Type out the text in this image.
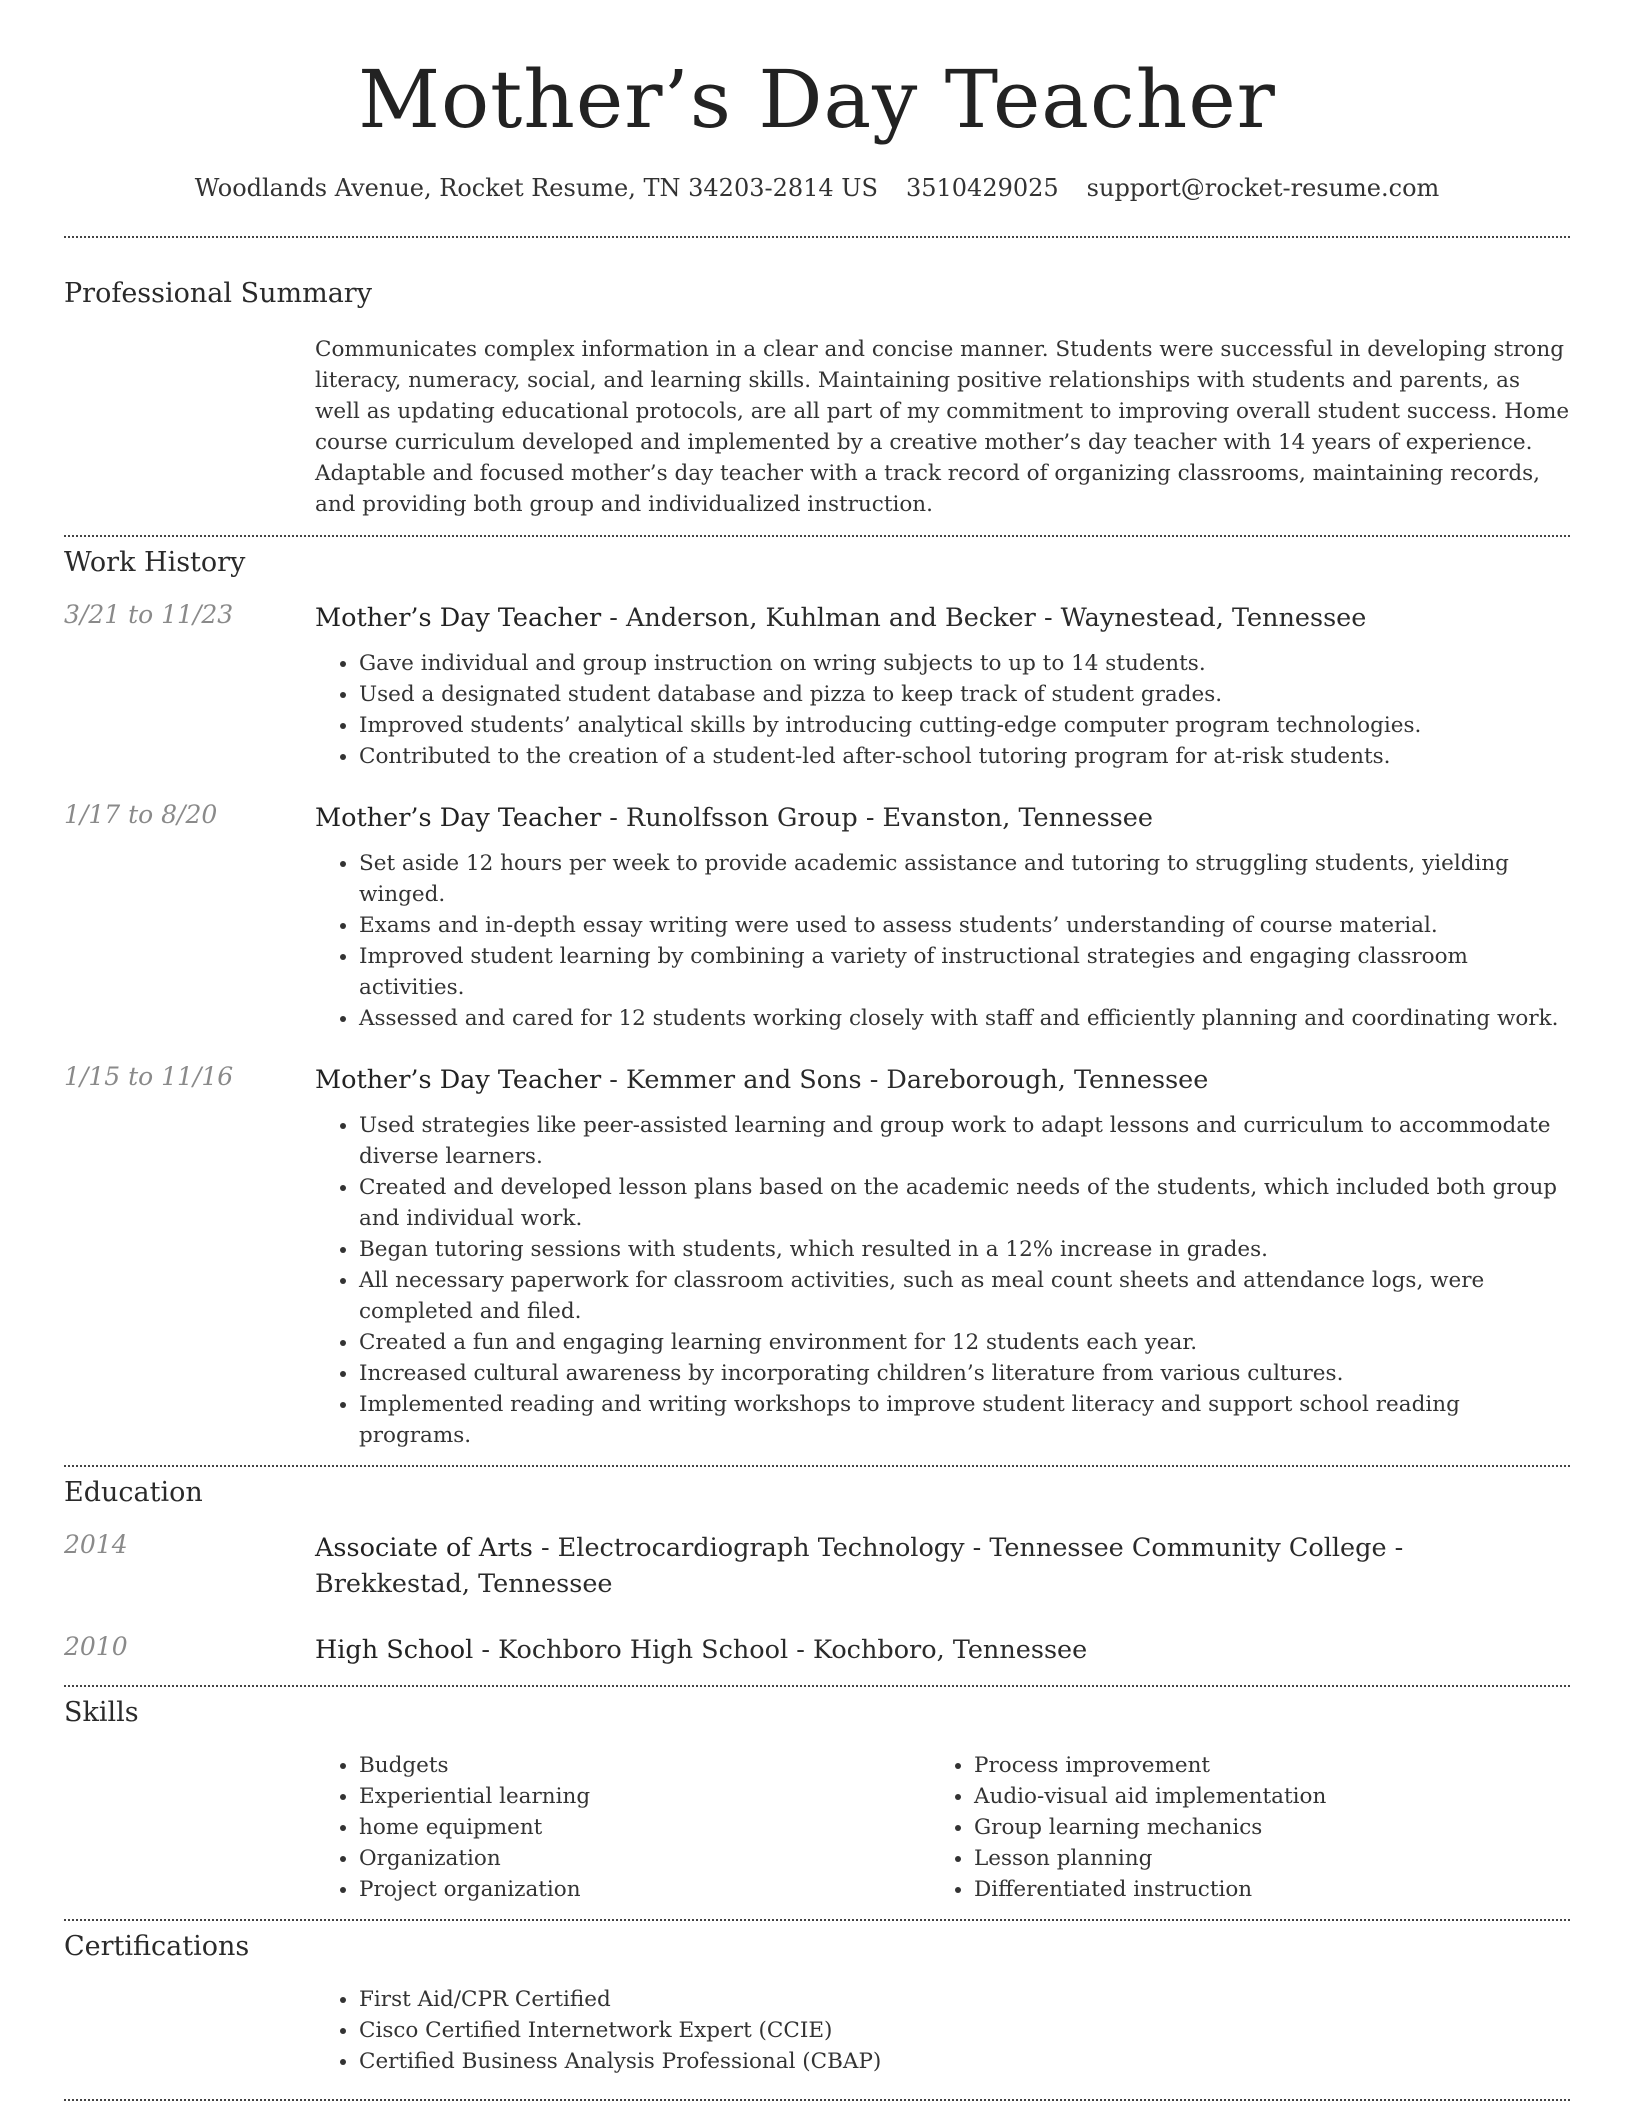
Mother’s Day Teacher
Woodlands Avenue, Rocket Resume, TN 34203-2814 US 3510429025 support@rocket-resume.com
Professional Summary
Communicates complex information in a clear and concise manner. Students were successful in developing strong literacy, numeracy, social, and learning skills. Maintaining positive relationships with students and parents, as well as updating educational protocols, are all part of my commitment to improving overall student success. Home course curriculum developed and implemented by a creative mother’s day teacher with 14 years of experience. Adaptable and focused mother’s day teacher with a track record of organizing classrooms, maintaining records, and providing both group and individualized instruction.
Work History
3/21 to 11/23	Mother’s Day Teacher - Anderson, Kuhlman and Becker - Waynestead, Tennessee
• Gave individual and group instruction on wring subjects to up to 14 students.
• Used a designated student database and pizza to keep track of student grades.
• Improved students’ analytical skills by introducing cutting-edge computer program technologies.
• Contributed to the creation of a student-led after-school tutoring program for at-risk students.
1/17 to 8/20	Mother’s Day Teacher - Runolfsson Group - Evanston, Tennessee
• Set aside 12 hours per week to provide academic assistance and tutoring to struggling students, yielding winged.
• Exams and in-depth essay writing were used to assess students’ understanding of course material.
• Improved student learning by combining a variety of instructional strategies and engaging classroom activities.
• Assessed and cared for 12 students working closely with staff and efficiently planning and coordinating work.
1/15 to 11/16	Mother’s Day Teacher - Kemmer and Sons - Dareborough, Tennessee
• Used strategies like peer-assisted learning and group work to adapt lessons and curriculum to accommodate diverse learners.
• Created and developed lesson plans based on the academic needs of the students, which included both group and individual work.
• Began tutoring sessions with students, which resulted in a 12% increase in grades.
• All necessary paperwork for classroom activities, such as meal count sheets and attendance logs, were completed and filed.
• Created a fun and engaging learning environment for 12 students each year.
• Increased cultural awareness by incorporating children’s literature from various cultures.
• Implemented reading and writing workshops to improve student literacy and support school reading programs.
Education
2014	Associate of Arts - Electrocardiograph Technology - Tennessee Community College - Brekkestad, Tennessee
2010	High School - Kochboro High School - Kochboro, Tennessee
Skills
• Budgets
• Experiential learning
• home equipment
• Organization
• Project organization
• Process improvement
• Audio-visual aid implementation
• Group learning mechanics
• Lesson planning
• Differentiated instruction
Certifications
• First Aid/CPR Certified
• Cisco Certified Internetwork Expert (CCIE)
• Certified Business Analysis Professional (CBAP)
